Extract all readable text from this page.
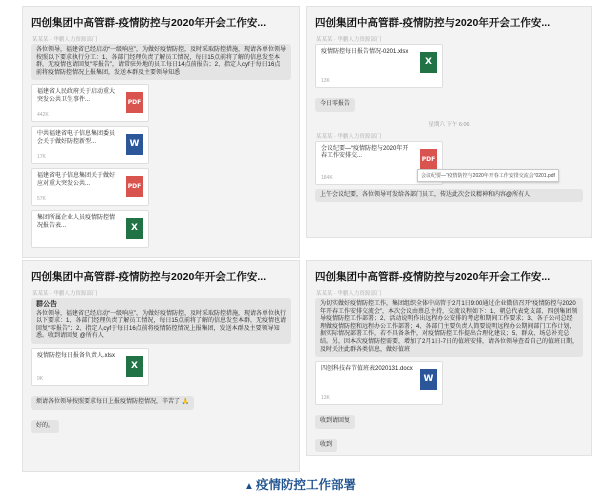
四创集团中高管群-疫情防控与2020年开会工作安...
某某某 · 华鹏人力资源部门
各位领导，福建省已经启动“一级响应”，为做好疫情防控，及时采取防控措施，现请各单位领导按照以下要求执行分工：1、各部门经理负责了解员工情况，每日15点前将了解的信息发至本群，无疫情也请回复“零报告”，请常驻外地的员工每日14点前报告；2、指定人cyf于每日16点前将疫情防控情况上报集团，发送本群及主要领导知悉
福建省人民政府关于启动重大突发公共卫生事件...
442K
PDF
中共福建省电子信息集团委员会关于做好防控新型...
17K
W
福建省电子信息集团关于做好应对重大突发公共...
57K
PDF
集团所属企业人员疫情防控情况报告表...	X
四创集团中高管群-疫情防控与2020年开会工作安...
某某某 · 华鹏人力资源部门
疫情防控每日报告情况-0201.xlsx
13K
X
今日零报告
星期六 下午 6:06
某某某 · 华鹏人力资源部门
会议纪要—“疫情防控与2020年开春工作安排交...
184K
PDF
上午会议纪要，各位领导可发给各部门员工，传达此次会议精神和内容@所有人
会议纪要—“疫情防控与2020年开春工作安排交流会”0201.pdf
四创集团中高管群-疫情防控与2020年开会工作安...
某某某 · 华鹏人力资源部门
群公告
各位领导，福建省已经启动“一级响应”，为做好疫情防控，及时采取防控措施，现请各单位执行以下要求：1、各部门经理负责了解员工情况，每日15点前将了解的信息发至本群，无疫情也请回复“零报告”；2、指定人cyf于每日16点前将疫情防控情况上报集团，发送本群及主要领导知悉。收到请回复 @所有人
疫情防控每日报备负责人.xlsx
9K
X
烦请各位领导按照要求每日上报疫情防控情况，辛苦了 🙏
好的。
四创集团中高管群-疫情防控与2020年开会工作安...
某某某 · 华鹏人力资源部门
为切实做好疫情防控工作，集团组织全体中高管于2月1日9:00通过企业微信召开“疫情防控与2020年开春工作安排交流会”，本次会议由蔡总主持，交流议程如下：1、朝总代表党支部、四创集团领导疫情防控工作部署；2、活动说明作出远程办公安排的考虑和期间工作要求；3、各子公司总经理做疫情防控和远程办公工作部署；4、各部门主要负责人简要说明远程办公期间部门工作计划，据实际情况部署工作，若不具备条件，对疫情防控工作提出合理化建议；5、群众、场总补充总结。另，因本次疫情防控需要，增加了2月1日-7日的值班安排，请各位领导查看自己的值班日期，及时关注此群各类信息，做好值班
四创科技春节值班表2020131.docx
13K
W
收到请回复
收到
▲ 疫情防控工作部署
